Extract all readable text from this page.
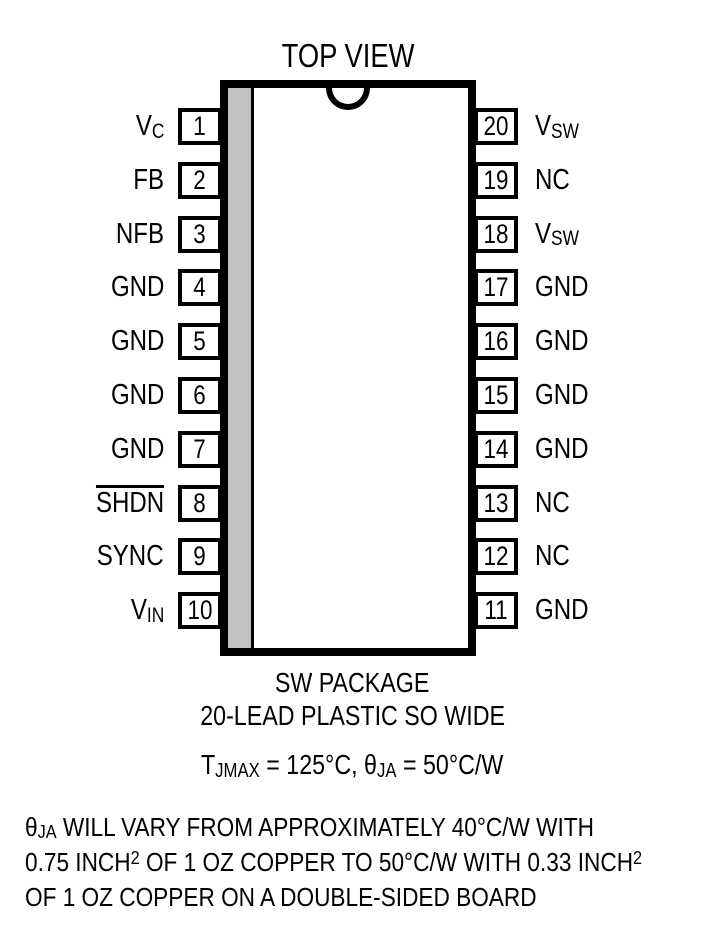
TOP VIEW
VC	1	20 VSW
FB	2	19 NC
NFB	3	18 VSW
GND	4	17 GND
GND	5	16 GND
GND	6	15 GND
GND	7	14 GND
SHDN	8	13 NC
SYNC	9	12 NC
VIN 10	11 GND
SW PACKAGE
20-LEAD PLASTIC SO WIDE
TJMAX = 125°C, θJA = 50°C/W
θJA WILL VARY FROM APPROXIMATELY 40°C/W WITH
0.75 INCH$^2$ OF 1 OZ COPPER TO 50°C/W WITH 0.33 INCH$^2$
OF 1 OZ COPPER ON A DOUBLE-SIDED BOARD
